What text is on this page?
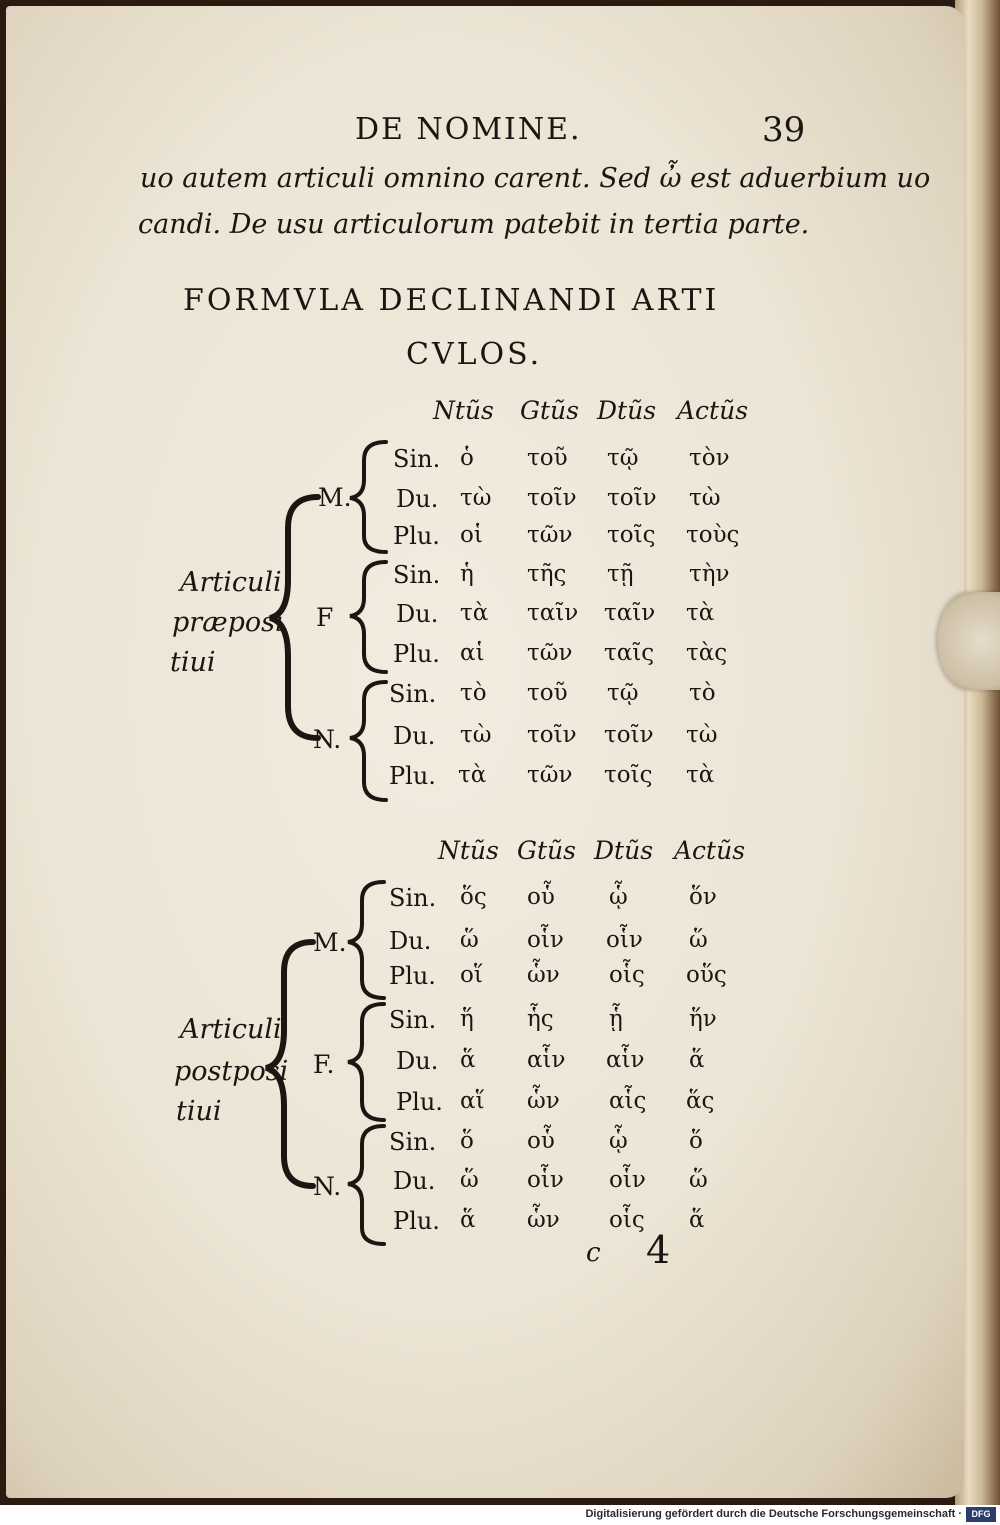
DE NOMINE.	39
uo autem articuli omnino carent. Sed ὦ est aduerbium uo
candi. De usu articulorum patebit in tertia parte.
FORMVLA DECLINANDI ARTI
CVLOS.
Ntũs Gtũs Dtũs Actũs
Articuli
præposi
tiui
M.
F
N.
Sin. ὁ τοῦ τῷ τὸν
Du. τὼ τοῖν τοῖν τὼ
Plu. οἱ τῶν τοῖς τοὺς
Sin. ἡ τῆς τῇ τὴν
Du. τὰ ταῖν ταῖν τὰ
Plu. αἱ τῶν ταῖς τὰς
Sin. τὸ τοῦ τῷ τὸ
Du. τὼ τοῖν τοῖν τὼ
Plu. τὰ τῶν τοῖς τὰ
Ntũs Gtũs Dtũs Actũs
Articuli
postposi
tiui
M.
F.
N.
Sin. ὅς οὗ ᾧ	ὅν
Du. ὥ οἷν οἷν ὥ
Plu. οἵ ὧν οἷς οὕς
Sin. ἥ ἧς ᾗ	ἥν
Du. ἅ αἷν αἷν ἅ
Plu. αἵ ὧν αἷς ἅς
Sin. ὅ οὗ ᾧ	ὅ
Du. ὥ οἷν οἷν ὥ
Plu. ἅ ὧν οἷς ἅ
c 4
Digitalisierung gefördert durch die Deutsche Forschungsgemeinschaft ·	DFG
